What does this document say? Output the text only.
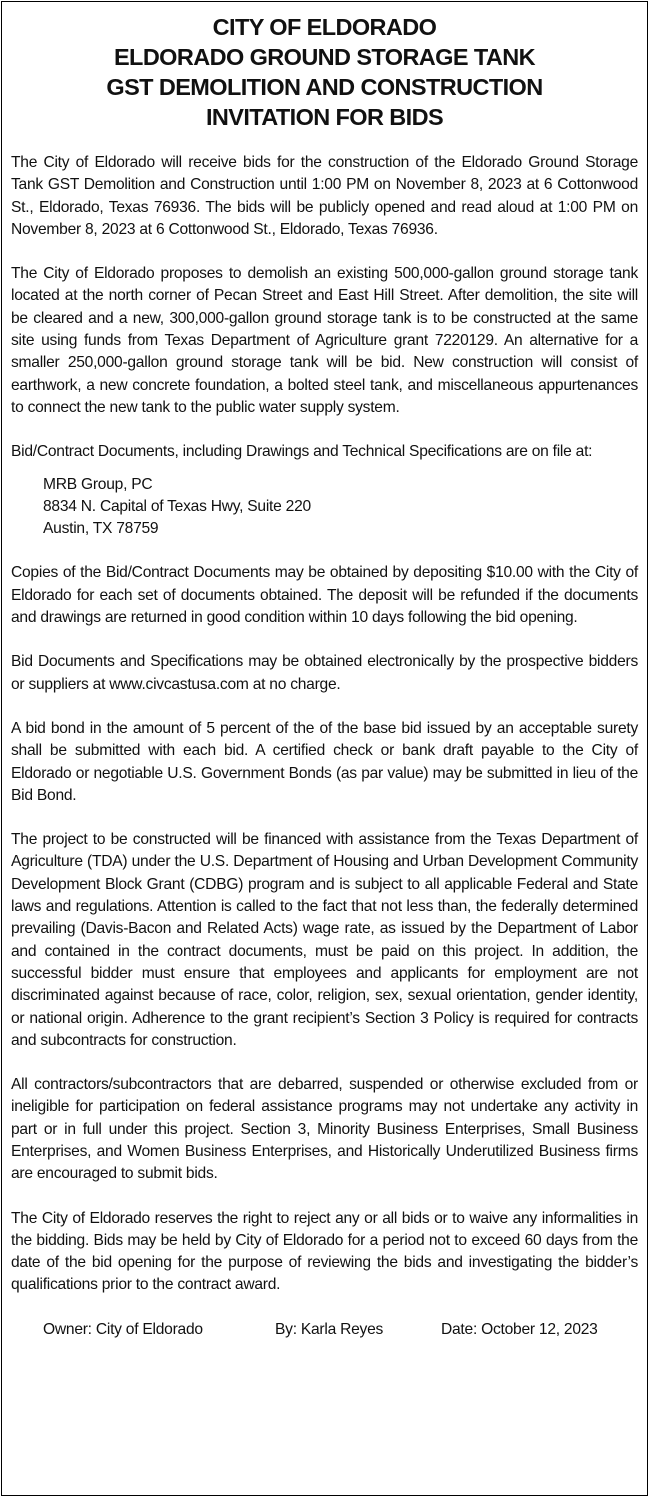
CITY OF ELDORADO
ELDORADO GROUND STORAGE TANK
GST DEMOLITION AND CONSTRUCTION
INVITATION FOR BIDS

The City of Eldorado will receive bids for the construction of the Eldorado Ground Storage Tank GST Demolition and Construction until 1:00 PM on November 8, 2023 at 6 Cottonwood St., Eldorado, Texas 76936. The bids will be publicly opened and read aloud at 1:00 PM on November 8, 2023 at 6 Cottonwood St., Eldorado, Texas 76936.

The City of Eldorado proposes to demolish an existing 500,000-gallon ground storage tank located at the north corner of Pecan Street and East Hill Street. After demolition, the site will be cleared and a new, 300,000-gallon ground storage tank is to be constructed at the same site using funds from Texas Department of Agriculture grant 7220129. An alternative for a smaller 250,000-gallon ground storage tank will be bid. New construction will consist of earthwork, a new concrete foundation, a bolted steel tank, and miscellaneous appurtenances to connect the new tank to the public water supply system.

Bid/Contract Documents, including Drawings and Technical Specifications are on file at:

MRB Group, PC
8834 N. Capital of Texas Hwy, Suite 220
Austin, TX 78759

Copies of the Bid/Contract Documents may be obtained by depositing $10.00 with the City of Eldorado for each set of documents obtained. The deposit will be refunded if the documents and drawings are returned in good condition within 10 days following the bid opening.

Bid Documents and Specifications may be obtained electronically by the prospective bidders or suppliers at www.civcastusa.com at no charge.

A bid bond in the amount of 5 percent of the of the base bid issued by an acceptable surety shall be submitted with each bid. A certified check or bank draft payable to the City of Eldorado or negotiable U.S. Government Bonds (as par value) may be submitted in lieu of the Bid Bond.

The project to be constructed will be financed with assistance from the Texas Department of Agriculture (TDA) under the U.S. Department of Housing and Urban Development Community Development Block Grant (CDBG) program and is subject to all applicable Federal and State laws and regulations. Attention is called to the fact that not less than, the federally determined prevailing (Davis-Bacon and Related Acts) wage rate, as issued by the Department of Labor and contained in the contract documents, must be paid on this project. In addition, the successful bidder must ensure that employees and applicants for employment are not discriminated against because of race, color, religion, sex, sexual orientation, gender identity, or national origin. Adherence to the grant recipient’s Section 3 Policy is required for contracts and subcontracts for construction.

All contractors/subcontractors that are debarred, suspended or otherwise excluded from or ineligible for participation on federal assistance programs may not undertake any activity in part or in full under this project. Section 3, Minority Business Enterprises, Small Business Enterprises, and Women Business Enterprises, and Historically Underutilized Business firms are encouraged to submit bids.

The City of Eldorado reserves the right to reject any or all bids or to waive any informalities in the bidding. Bids may be held by City of Eldorado for a period not to exceed 60 days from the date of the bid opening for the purpose of reviewing the bids and investigating the bidder’s qualifications prior to the contract award.

Owner: City of Eldorado	By: Karla Reyes	Date: October 12, 2023
